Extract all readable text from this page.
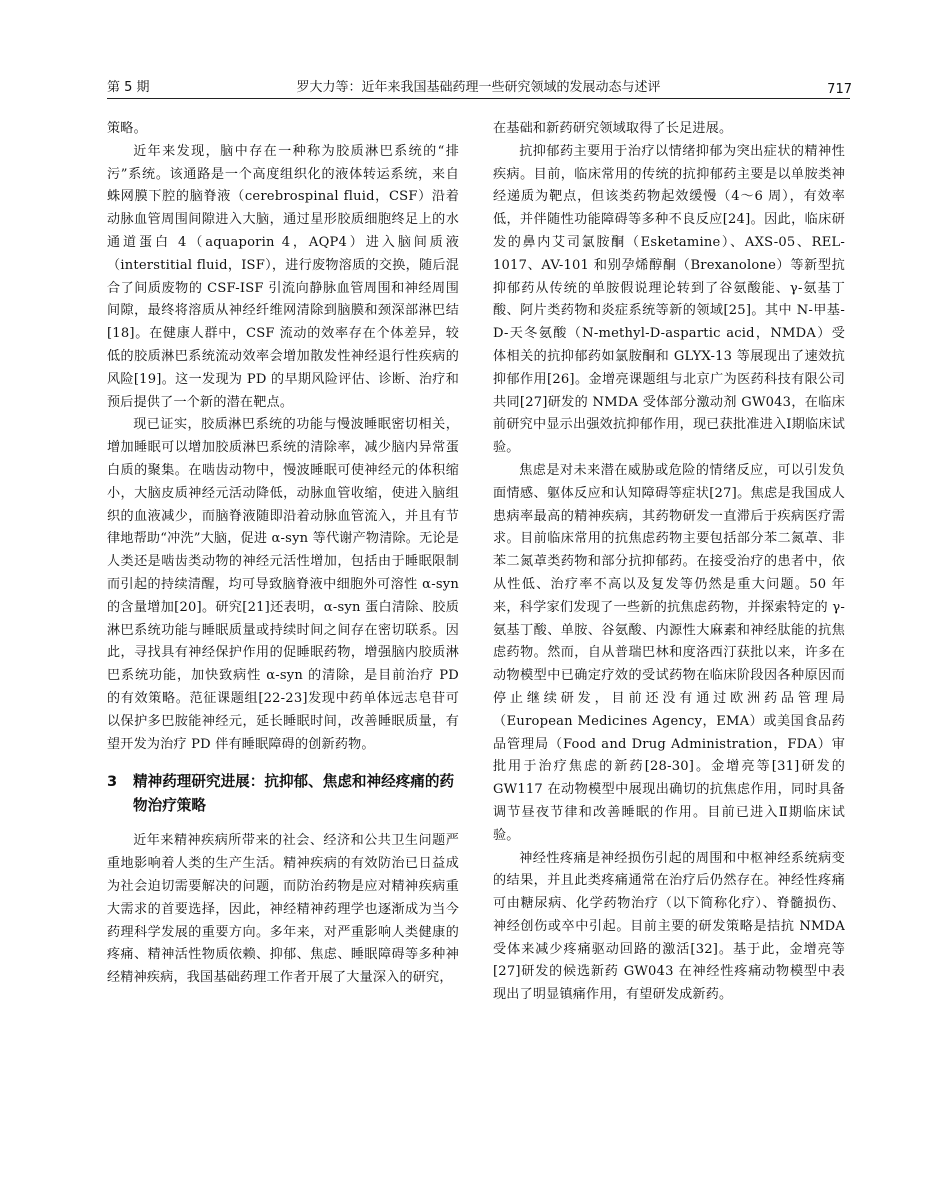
第 5 期	罗大力等：近年来我国基础药理一些研究领域的发展动态与述评	717

策略。

近年来发现，脑中存在一种称为胶质淋巴系统的“排污”系统。该通路是一个高度组织化的液体转运系统，来自蛛网膜下腔的脑脊液（cerebrospinal fluid，CSF）沿着动脉血管周围间隙进入大脑，通过星形胶质细胞终足上的水通道蛋白 4（aquaporin 4，AQP4）进入脑间质液（interstitial fluid，ISF），进行废物溶质的交换，随后混合了间质废物的 CSF-ISF 引流向静脉血管周围和神经周围间隙，最终将溶质从神经纤维网清除到脑膜和颈深部淋巴结[18]。在健康人群中，CSF 流动的效率存在个体差异，较低的胶质淋巴系统流动效率会增加散发性神经退行性疾病的风险[19]。这一发现为 PD 的早期风险评估、诊断、治疗和预后提供了一个新的潜在靶点。

现已证实，胶质淋巴系统的功能与慢波睡眠密切相关，增加睡眠可以增加胶质淋巴系统的清除率，减少脑内异常蛋白质的聚集。在啮齿动物中，慢波睡眠可使神经元的体积缩小，大脑皮质神经元活动降低，动脉血管收缩，使进入脑组织的血液减少，而脑脊液随即沿着动脉血管流入，并且有节律地帮助“冲洗”大脑，促进 α-syn 等代谢产物清除。无论是人类还是啮齿类动物的神经元活性增加，包括由于睡眠限制而引起的持续清醒，均可导致脑脊液中细胞外可溶性 α-syn 的含量增加[20]。研究[21]还表明，α-syn 蛋白清除、胶质淋巴系统功能与睡眠质量或持续时间之间存在密切联系。因此，寻找具有神经保护作用的促睡眠药物，增强脑内胶质淋巴系统功能，加快致病性 α-syn 的清除，是目前治疗 PD 的有效策略。范征课题组[22-23]发现中药单体远志皂苷可以保护多巴胺能神经元，延长睡眠时间，改善睡眠质量，有望开发为治疗 PD 伴有睡眠障碍的创新药物。

3 精神药理研究进展：抗抑郁、焦虑和神经疼痛的药物治疗策略

近年来精神疾病所带来的社会、经济和公共卫生问题严重地影响着人类的生产生活。精神疾病的有效防治已日益成为社会迫切需要解决的问题，而防治药物是应对精神疾病重大需求的首要选择，因此，神经精神药理学也逐渐成为当今药理科学发展的重要方向。多年来，对严重影响人类健康的疼痛、精神活性物质依赖、抑郁、焦虑、睡眠障碍等多种神经精神疾病，我国基础药理工作者开展了大量深入的研究，

在基础和新药研究领域取得了长足进展。

抗抑郁药主要用于治疗以情绪抑郁为突出症状的精神性疾病。目前，临床常用的传统的抗抑郁药主要是以单胺类神经递质为靶点，但该类药物起效缓慢（4～6 周），有效率低，并伴随性功能障碍等多种不良反应[24]。因此，临床研发的鼻内艾司氯胺酮（Esketamine）、AXS-05、REL-1017、AV-101 和别孕烯醇酮（Brexanolone）等新型抗抑郁药从传统的单胺假说理论转到了谷氨酸能、γ-氨基丁酸、阿片类药物和炎症系统等新的领域[25]。其中 N-甲基-D-天冬氨酸（N-methyl-D-aspartic acid，NMDA）受体相关的抗抑郁药如氯胺酮和 GLYX-13 等展现出了速效抗抑郁作用[26]。金增亮课题组与北京广为医药科技有限公司共同[27]研发的 NMDA 受体部分激动剂 GW043，在临床前研究中显示出强效抗抑郁作用，现已获批准进入Ⅰ期临床试验。

焦虑是对未来潜在威胁或危险的情绪反应，可以引发负面情感、躯体反应和认知障碍等症状[27]。焦虑是我国成人患病率最高的精神疾病，其药物研发一直滞后于疾病医疗需求。目前临床常用的抗焦虑药物主要包括部分苯二氮䓬、非苯二氮䓬类药物和部分抗抑郁药。在接受治疗的患者中，依从性低、治疗率不高以及复发等仍然是重大问题。50 年来，科学家们发现了一些新的抗焦虑药物，并探索特定的 γ-氨基丁酸、单胺、谷氨酸、内源性大麻素和神经肽能的抗焦虑药物。然而，自从普瑞巴林和度洛西汀获批以来，许多在动物模型中已确定疗效的受试药物在临床阶段因各种原因而停止继续研发，目前还没有通过欧洲药品管理局（European Medicines Agency，EMA）或美国食品药品管理局（Food and Drug Administration，FDA）审批用于治疗焦虑的新药[28-30]。金增亮等[31]研发的 GW117 在动物模型中展现出确切的抗焦虑作用，同时具备调节昼夜节律和改善睡眠的作用。目前已进入Ⅱ期临床试验。

神经性疼痛是神经损伤引起的周围和中枢神经系统病变的结果，并且此类疼痛通常在治疗后仍然存在。神经性疼痛可由糖尿病、化学药物治疗（以下简称化疗）、脊髓损伤、神经创伤或卒中引起。目前主要的研发策略是拮抗 NMDA 受体来减少疼痛驱动回路的激活[32]。基于此，金增亮等[27]研发的候选新药 GW043 在神经性疼痛动物模型中表现出了明显镇痛作用，有望研发成新药。
